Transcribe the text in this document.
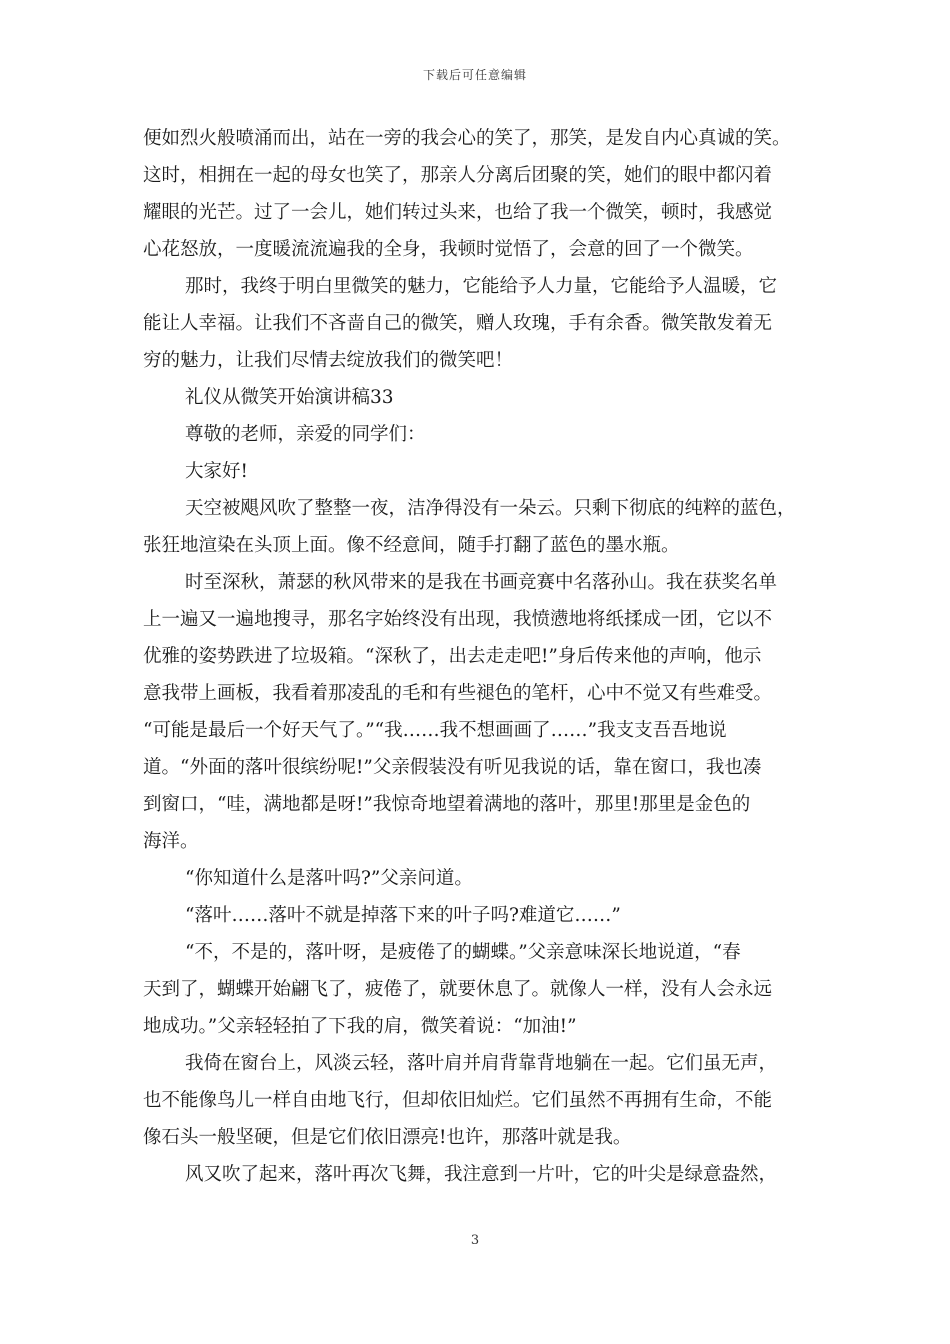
下载后可任意编辑
便如烈火般喷涌而出，站在一旁的我会心的笑了，那笑，是发自内心真诚的笑。
这时，相拥在一起的母女也笑了，那亲人分离后团聚的笑，她们的眼中都闪着
耀眼的光芒。过了一会儿，她们转过头来，也给了我一个微笑，顿时，我感觉
心花怒放，一度暖流流遍我的全身，我顿时觉悟了，会意的回了一个微笑。
那时，我终于明白里微笑的魅力，它能给予人力量，它能给予人温暖，它
能让人幸福。让我们不吝啬自己的微笑，赠人玫瑰，手有余香。微笑散发着无
穷的魅力，让我们尽情去绽放我们的微笑吧！
礼仪从微笑开始演讲稿33
尊敬的老师，亲爱的同学们：
大家好!
天空被飓风吹了整整一夜，洁净得没有一朵云。只剩下彻底的纯粹的蓝色，
张狂地渲染在头顶上面。像不经意间，随手打翻了蓝色的墨水瓶。
时至深秋，萧瑟的秋风带来的是我在书画竞赛中名落孙山。我在获奖名单
上一遍又一遍地搜寻，那名字始终没有出现，我愤懑地将纸揉成一团，它以不
优雅的姿势跌进了垃圾箱。“深秋了，出去走走吧!”身后传来他的声响，他示
意我带上画板，我看着那凌乱的毛和有些褪色的笔杆，心中不觉又有些难受。
“可能是最后一个好天气了。”“我……我不想画画了……”我支支吾吾地说
道。“外面的落叶很缤纷呢!”父亲假装没有听见我说的话，靠在窗口，我也凑
到窗口，“哇，满地都是呀!”我惊奇地望着满地的落叶，那里!那里是金色的
海洋。
“你知道什么是落叶吗?”父亲问道。
“落叶……落叶不就是掉落下来的叶子吗?难道它……”
“不，不是的，落叶呀，是疲倦了的蝴蝶。”父亲意味深长地说道，“春
天到了，蝴蝶开始翩飞了，疲倦了，就要休息了。就像人一样，没有人会永远
地成功。”父亲轻轻拍了下我的肩，微笑着说：“加油!”
我倚在窗台上，风淡云轻，落叶肩并肩背靠背地躺在一起。它们虽无声，
也不能像鸟儿一样自由地飞行，但却依旧灿烂。它们虽然不再拥有生命，不能
像石头一般坚硬，但是它们依旧漂亮!也许，那落叶就是我。
风又吹了起来，落叶再次飞舞，我注意到一片叶，它的叶尖是绿意盎然，
3
